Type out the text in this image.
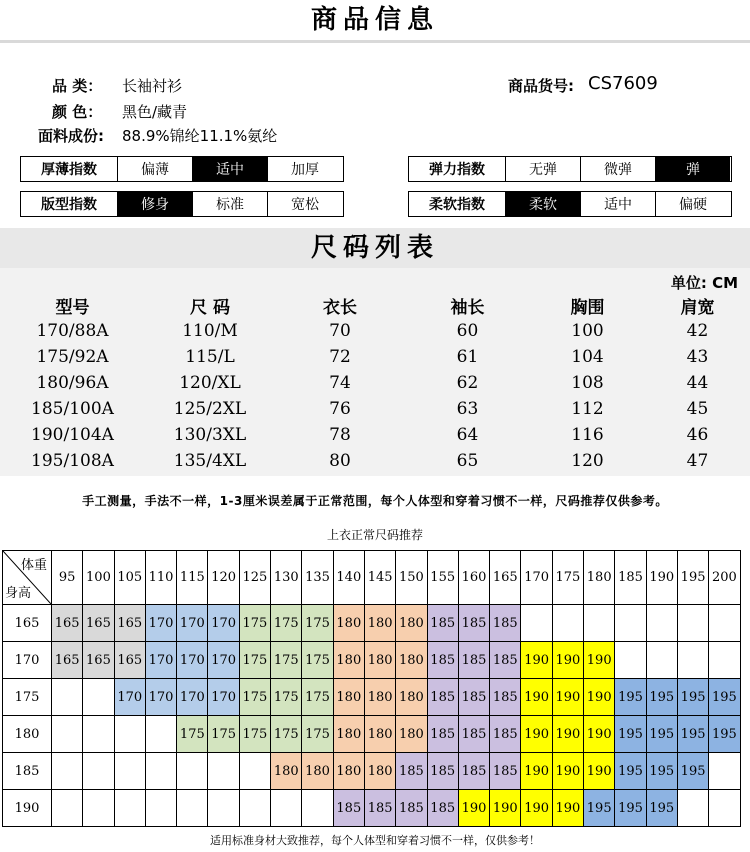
商品信息
品 类： 长袖衬衫
颜 色： 黑色/藏青
面料成份: 88.9%锦纶11.1%氨纶
商品货号: CS7609
厚薄指数	偏薄	适中	加厚	弹力指数	无弹	微弹	弹
版型指数	修身	标准	宽松	柔软指数	柔软	适中	偏硬
尺码列表
单位: CM
型号	尺 码	衣长	袖长	胸围	肩宽
170/88A	110/M	70	60	100	42
175/92A	115/L	72	61	104	43
180/96A	120/XL	74	62	108	44
185/100A	125/2XL	76	63	112	45
190/104A	130/3XL	78	64	116	46
195/108A	135/4XL	80	65	120	47
手工测量，手法不一样，1-3厘米误差属于正常范围，每个人体型和穿着习惯不一样，尺码推荐仅供参考。
上衣正常尺码推荐
体重
身高	95	100	105	110	115	120	125	130	135	140	145	150	155	160	165	170	175	180	185	190	195	200
165	165	165	165	170	170	170	175	175	175	180	180	180	185	185	185							
170	165	165	165	170	170	170	175	175	175	180	180	180	185	185	185	190	190	190				
175			170	170	170	170	175	175	175	180	180	180	185	185	185	190	190	190	195	195	195	195
180					175	175	175	175	175	180	180	180	185	185	185	190	190	190	195	195	195	195
185								180	180	180	180	185	185	185	185	190	190	190	195	195	195	
190										185	185	185	185	190	190	190	190	195	195	195		
适用标准身材大致推荐，每个人体型和穿着习惯不一样，仅供参考！
